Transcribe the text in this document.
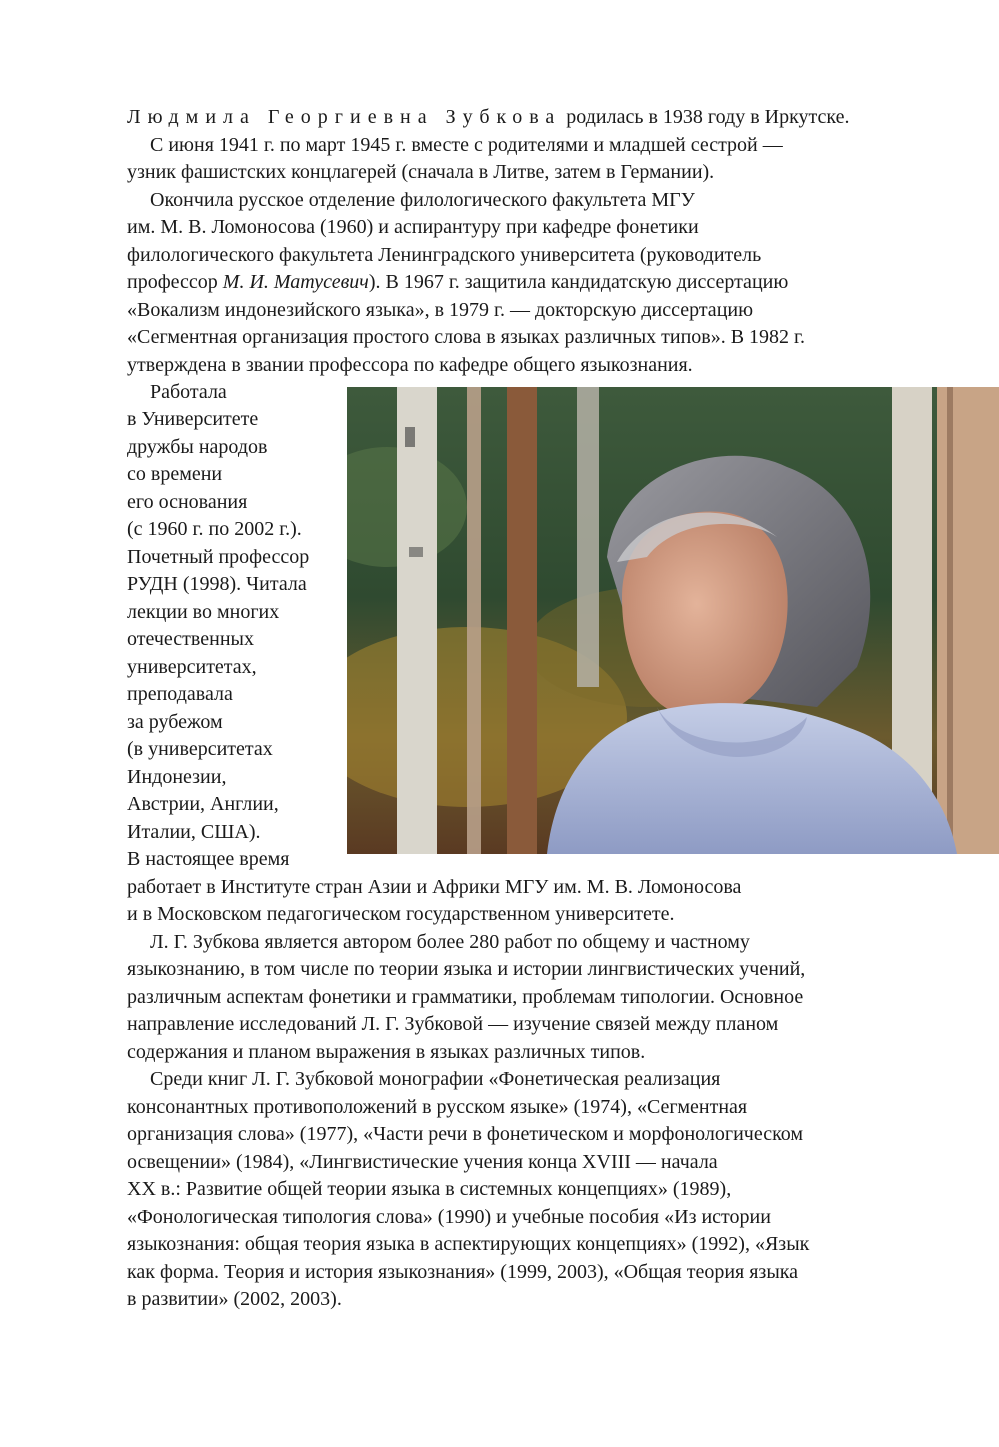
Людмила Георгиевна Зубкова родилась в 1938 году в Иркутске.
С июня 1941 г. по март 1945 г. вместе с родителями и младшей сестрой —
узник фашистских концлагерей (сначала в Литве, затем в Германии).
Окончила русское отделение филологического факультета МГУ
им. М. В. Ломоносова (1960) и аспирантуру при кафедре фонетики
филологического факультета Ленинградского университета (руководитель
профессор М. И. Матусевич). В 1967 г. защитила кандидатскую диссертацию
«Вокализм индонезийского языка», в 1979 г. — докторскую диссертацию
«Сегментная организация простого слова в языках различных типов». В 1982 г.
утверждена в звании профессора по кафедре общего языкознания.
Работала
в Университете
дружбы народов
со времени
его основания
(с 1960 г. по 2002 г.).
Почетный профессор
РУДН (1998). Читала
лекции во многих
отечественных
университетах,
преподавала
за рубежом
(в университетах
Индонезии,
Австрии, Англии,
Италии, США).
В настоящее время
работает в Институте стран Азии и Африки МГУ им. М. В. Ломоносова
и в Московском педагогическом государственном университете.
Л. Г. Зубкова является автором более 280 работ по общему и частному
языкознанию, в том числе по теории языка и истории лингвистических учений,
различным аспектам фонетики и грамматики, проблемам типологии. Основное
направление исследований Л. Г. Зубковой — изучение связей между планом
содержания и планом выражения в языках различных типов.
Среди книг Л. Г. Зубковой монографии «Фонетическая реализация
консонантных противоположений в русском языке» (1974), «Сегментная
организация слова» (1977), «Части речи в фонетическом и морфонологическом
освещении» (1984), «Лингвистические учения конца XVIII — начала
XX в.: Развитие общей теории языка в системных концепциях» (1989),
«Фонологическая типология слова» (1990) и учебные пособия «Из истории
языкознания: общая теория языка в аспектирующих концепциях» (1992), «Язык
как форма. Теория и история языкознания» (1999, 2003), «Общая теория языка
в развитии» (2002, 2003).
